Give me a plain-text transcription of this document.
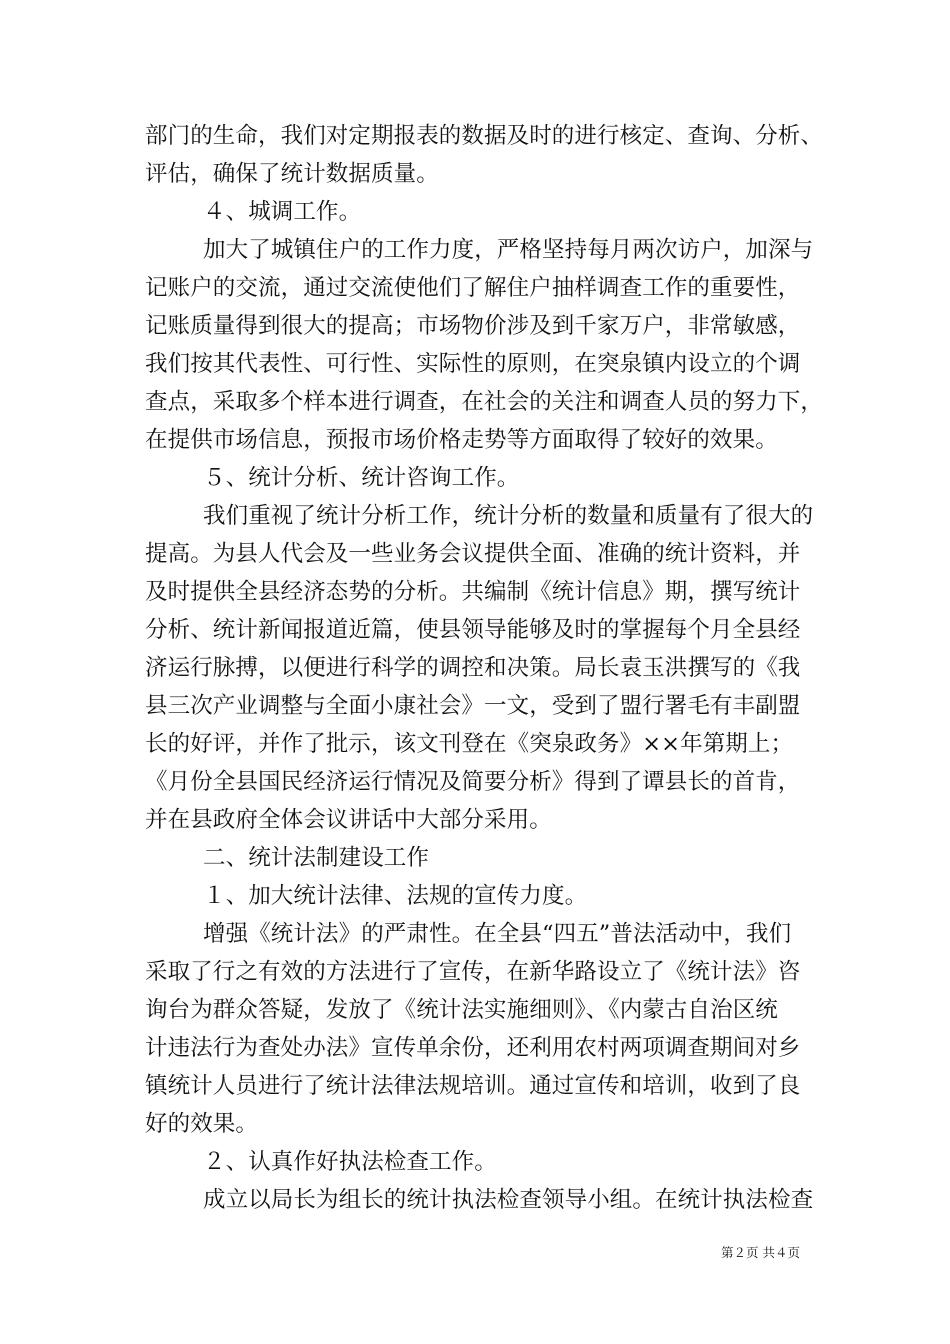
部门的生命，我们对定期报表的数据及时的进行核定、查询、分析、
评估，确保了统计数据质量。
４、城调工作。
加大了城镇住户的工作力度，严格坚持每月两次访户，加深与
记账户的交流，通过交流使他们了解住户抽样调查工作的重要性，
记账质量得到很大的提高；市场物价涉及到千家万户，非常敏感，
我们按其代表性、可行性、实际性的原则，在突泉镇内设立的个调
查点，采取多个样本进行调查，在社会的关注和调查人员的努力下，
在提供市场信息，预报市场价格走势等方面取得了较好的效果。
５、统计分析、统计咨询工作。
我们重视了统计分析工作，统计分析的数量和质量有了很大的
提高。为县人代会及一些业务会议提供全面、准确的统计资料，并
及时提供全县经济态势的分析。共编制《统计信息》期，撰写统计
分析、统计新闻报道近篇，使县领导能够及时的掌握每个月全县经
济运行脉搏，以便进行科学的调控和决策。局长袁玉洪撰写的《我
县三次产业调整与全面小康社会》一文，受到了盟行署毛有丰副盟
长的好评，并作了批示，该文刊登在《突泉政务》××年第期上；
《月份全县国民经济运行情况及简要分析》得到了谭县长的首肯，
并在县政府全体会议讲话中大部分采用。
二、统计法制建设工作
１、加大统计法律、法规的宣传力度。
增强《统计法》的严肃性。在全县“四五”普法活动中，我们
采取了行之有效的方法进行了宣传，在新华路设立了《统计法》咨
询台为群众答疑，发放了《统计法实施细则》、《内蒙古自治区统
计违法行为查处办法》宣传单余份，还利用农村两项调查期间对乡
镇统计人员进行了统计法律法规培训。通过宣传和培训，收到了良
好的效果。
２、认真作好执法检查工作。
成立以局长为组长的统计执法检查领导小组。在统计执法检查
第２页 共４页
